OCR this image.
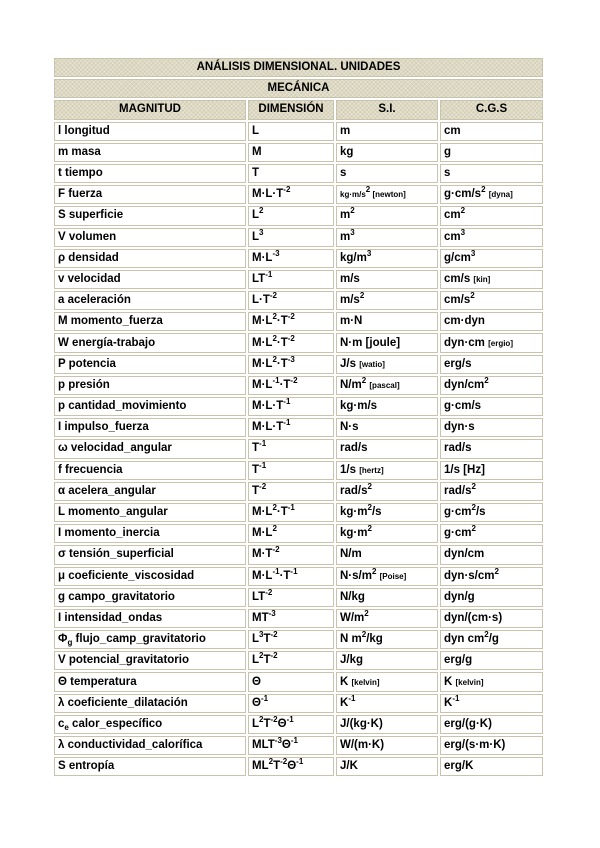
ANÁLISIS DIMENSIONAL. UNIDADES			
MECÁNICA			
MAGNITUD	DIMENSIÓN	S.I.	C.G.S
l longitud	L	m	cm
m masa	M	kg	g
t tiempo	T	s	s
F fuerza	$M\cdot L\cdot T^{-2}$	$kg\cdot m/s^2$ [newton]	$g\cdot cm/s^2$ [dyna]
S superficie	$L^2$	$m^2$	$cm^2$
V volumen	$L^3$	$m^3$	$cm^3$
ρ densidad	$M\cdot L^{-3}$	$kg/m^3$	$g/cm^3$
v velocidad	$LT^{-1}$	m/s	cm/s [kin]
a aceleración	$L\cdot T^{-2}$	$m/s^2$	$cm/s^2$
M momento_fuerza	$M\cdot L^2\cdot T^{-2}$	m·N	cm·dyn
W energía-trabajo	$M\cdot L^2\cdot T^{-2}$	N·m [joule]	dyn·cm [ergio]
P potencia	$M\cdot L^2\cdot T^{-3}$	J/s [watio]	erg/s
p presión	$M\cdot L^{-1}\cdot T^{-2}$	$N/m^2$ [pascal]	dyn/$cm^2$
p cantidad_movimiento	$M\cdot L\cdot T^{-1}$	kg·m/s	g·cm/s
I impulso_fuerza	$M\cdot L\cdot T^{-1}$	N·s	dyn·s
ω velocidad_angular	$T^{-1}$	rad/s	rad/s
f frecuencia	$T^{-1}$	1/s [hertz]	1/s [Hz]
α acelera_angular	$T^{-2}$	rad/$s^2$	rad/$s^2$
L momento_angular	$M\cdot L^2\cdot T^{-1}$	$kg\cdot m^2/s$	$g\cdot cm^2/s$
I momento_inercia	$M\cdot L^2$	$kg\cdot m^2$	$g\cdot cm^2$
σ tensión_superficial	$M\cdot T^{-2}$	N/m	dyn/cm
μ coeficiente_viscosidad	$M\cdot L^{-1}\cdot T^{-1}$	$N\cdot s/m^2$ [Poise]	$dyn\cdot s/cm^2$
g campo_gravitatorio	$LT^{-2}$	N/kg	dyn/g
I intensidad_ondas	$MT^{-3}$	$W/m^2$	dyn/(cm·s)
$\Phi_g$ flujo_camp_gravitatorio	$L^3T^{-2}$	N $m^2/kg$	dyn $cm^2/g$
V potencial_gravitatorio	$L^2T^{-2}$	J/kg	erg/g
Θ temperatura	Θ	K [kelvin]	K [kelvin]
λ coeficiente_dilatación	$\Theta^{-1}$	$K^{-1}$	$K^{-1}$
$c_e$ calor_específico	$L^2T^{-2}\Theta^{-1}$	J/(kg·K)	erg/(g·K)
λ conductividad_calorífica	$MLT^{-3}\Theta^{-1}$	W/(m·K)	erg/(s·m·K)
S entropía	$ML^2T^{-2}\Theta^{-1}$	J/K	erg/K
